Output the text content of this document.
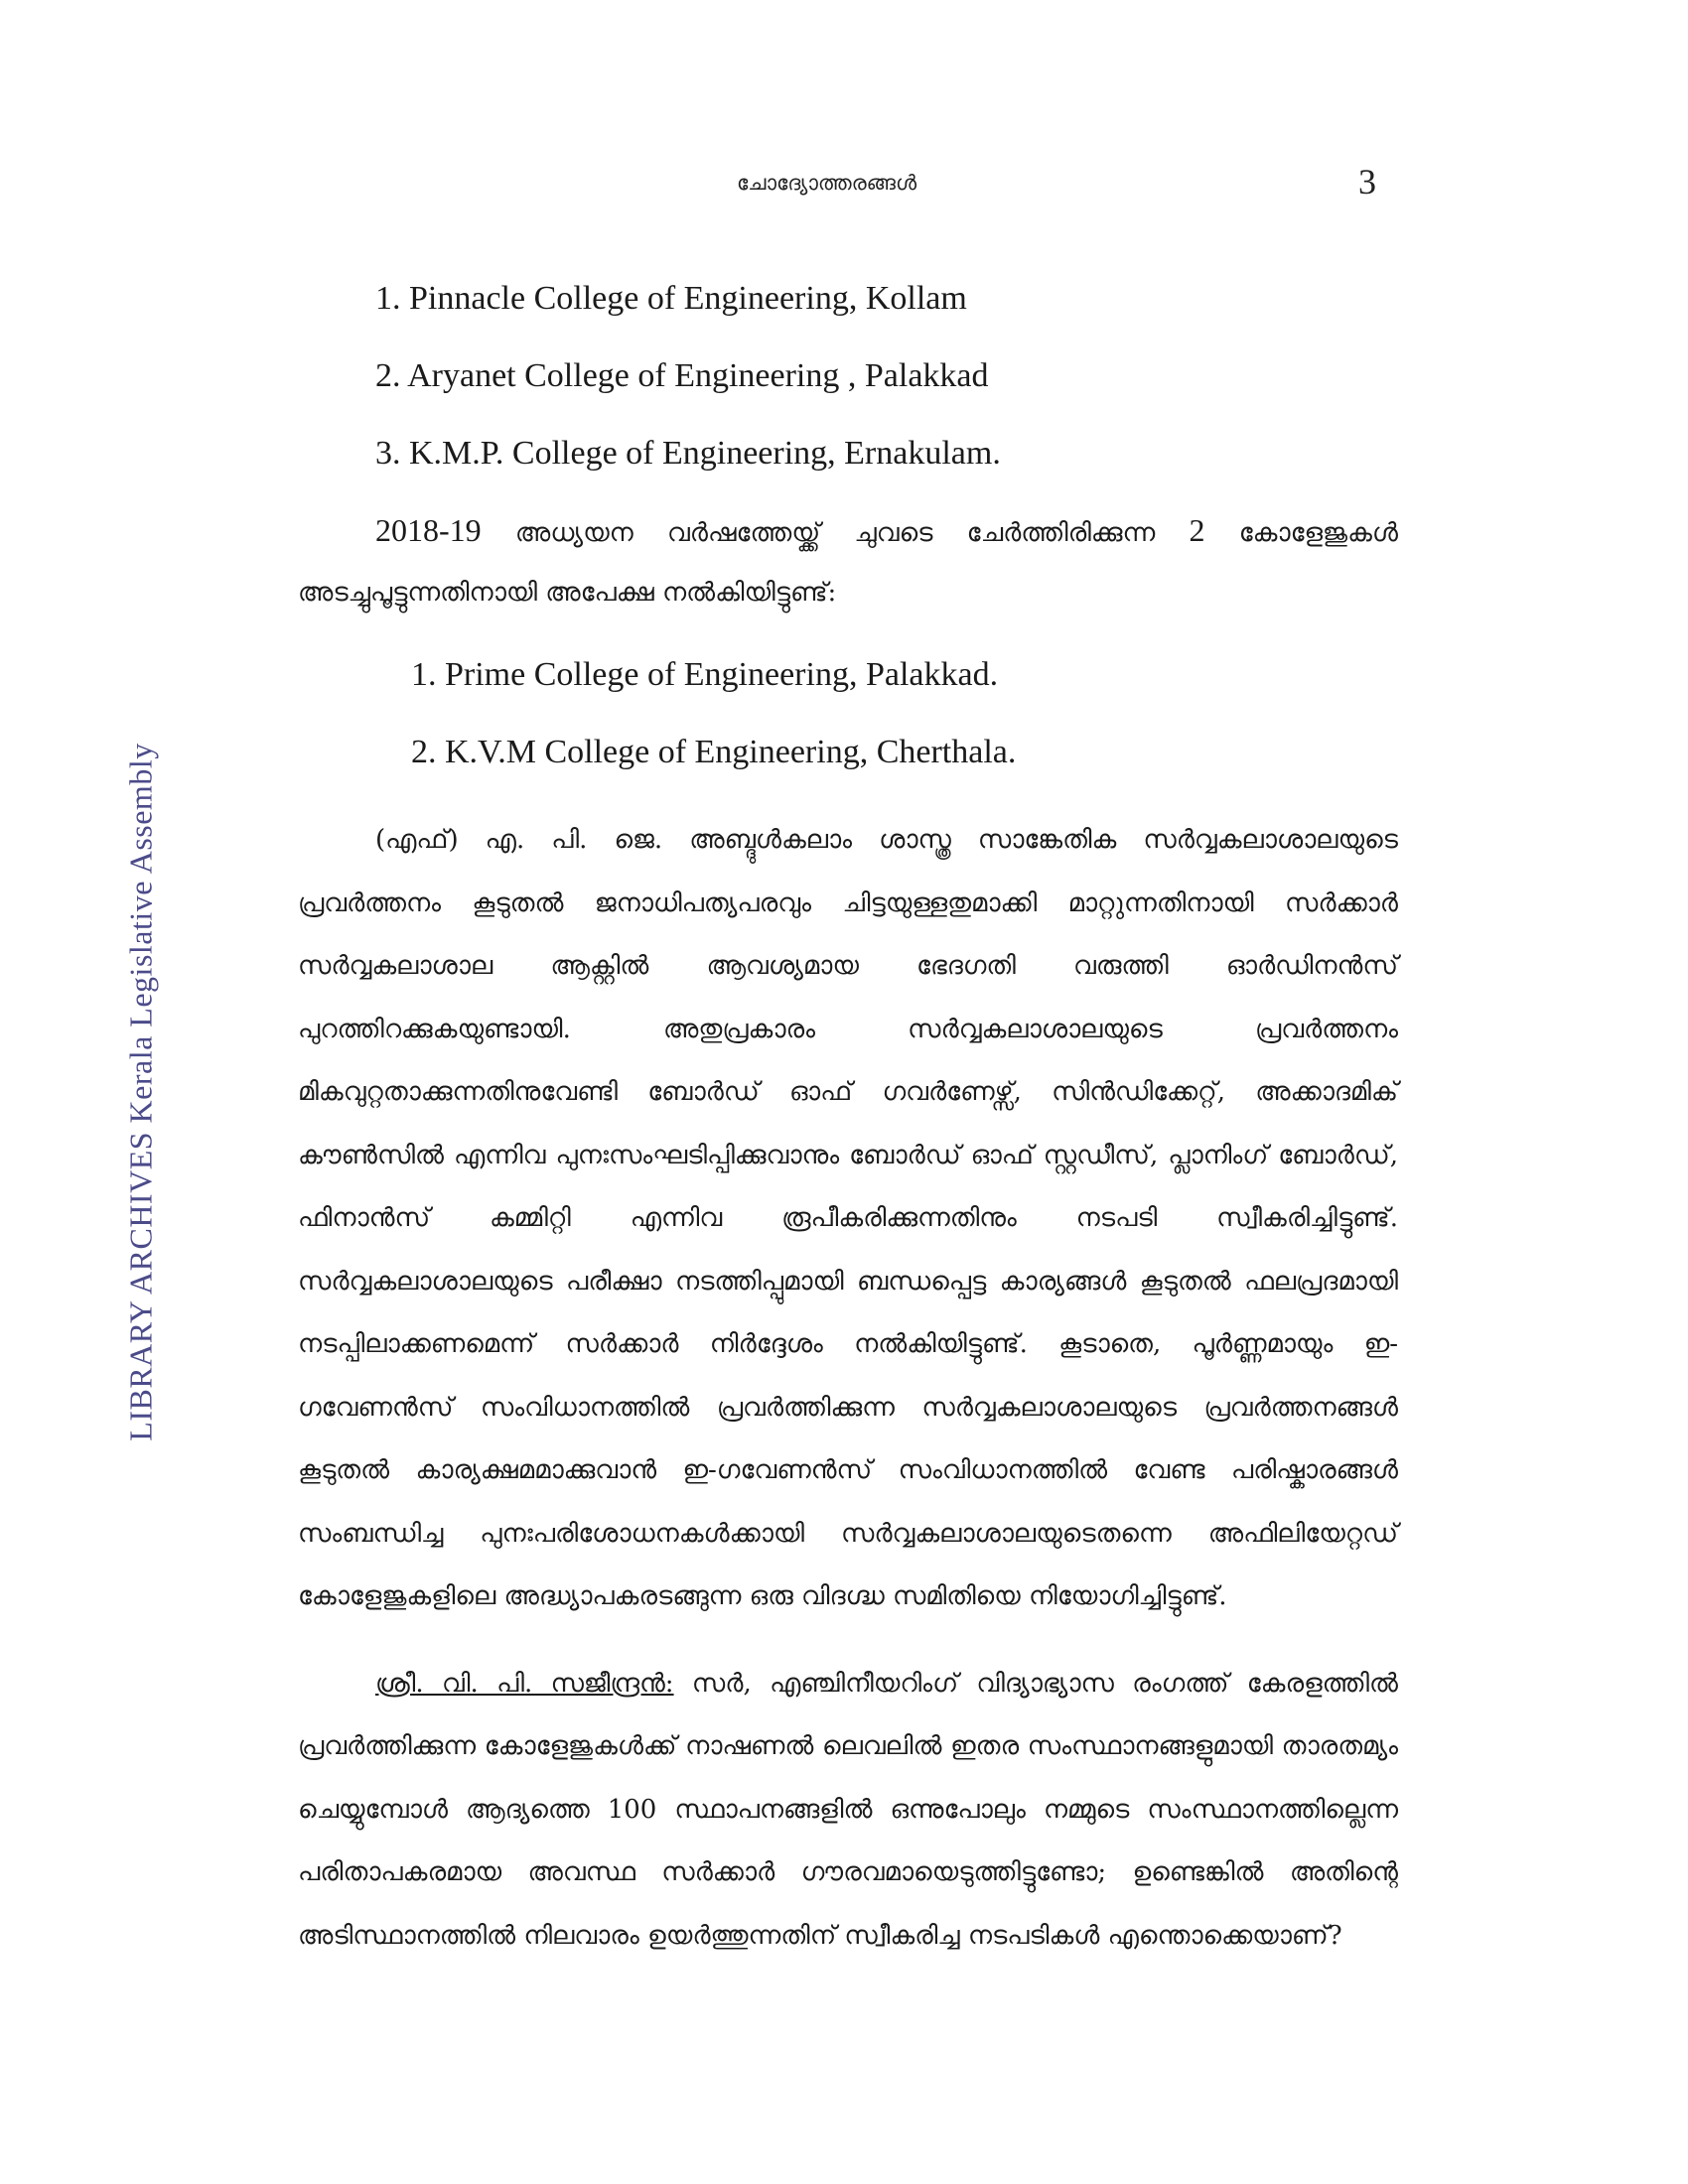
LIBRARY ARCHIVES Kerala Legislative Assembly
ചോദ്യോത്തരങ്ങൾ	3
1. Pinnacle College of Engineering, Kollam
2. Aryanet College of Engineering , Palakkad
3. K.M.P. College of Engineering, Ernakulam.

2018-19 അധ്യയന വർഷത്തേയ്ക്ക് ചുവടെ ചേർത്തിരിക്കുന്ന 2 കോളേജുകൾ അടച്ചുപൂട്ടുന്നതിനായി അപേക്ഷ നൽകിയിട്ടുണ്ട്:

1. Prime College of Engineering, Palakkad.
2. K.V.M College of Engineering, Cherthala.

(എഫ്) എ. പി. ജെ. അബ്ദുൾകലാം ശാസ്ത്ര സാങ്കേതിക സർവ്വകലാശാലയുടെ പ്രവർത്തനം കൂടുതൽ ജനാധിപത്യപരവും ചിട്ടയുള്ളതുമാക്കി മാറ്റുന്നതിനായി സർക്കാർ സർവ്വകലാശാല ആക്റ്റിൽ ആവശ്യമായ ഭേദഗതി വരുത്തി ഓർഡിനൻസ് പുറത്തിറക്കുകയുണ്ടായി. അതുപ്രകാരം സർവ്വകലാശാലയുടെ പ്രവർത്തനം മികവുറ്റതാക്കുന്നതിനുവേണ്ടി ബോർഡ് ഓഫ് ഗവർണേഴ്സ്, സിൻഡിക്കേറ്റ്, അക്കാദമിക് കൗൺസിൽ എന്നിവ പുനഃസംഘടിപ്പിക്കുവാനും ബോർഡ് ഓഫ് സ്റ്റഡീസ്, പ്ലാനിംഗ് ബോർഡ്, ഫിനാൻസ് കമ്മിറ്റി എന്നിവ രൂപീകരിക്കുന്നതിനും നടപടി സ്വീകരിച്ചിട്ടുണ്ട്. സർവ്വകലാശാലയുടെ പരീക്ഷാ നടത്തിപ്പുമായി ബന്ധപ്പെട്ട കാര്യങ്ങൾ കൂടുതൽ ഫലപ്രദമായി നടപ്പിലാക്കണമെന്ന് സർക്കാർ നിർദ്ദേശം നൽകിയിട്ടുണ്ട്. കൂടാതെ, പൂർണ്ണമായും ഇ-ഗവേണൻസ് സംവിധാനത്തിൽ പ്രവർത്തിക്കുന്ന സർവ്വകലാശാലയുടെ പ്രവർത്തനങ്ങൾ കൂടുതൽ കാര്യക്ഷമമാക്കുവാൻ ഇ-ഗവേണൻസ് സംവിധാനത്തിൽ വേണ്ട പരിഷ്കാരങ്ങൾ സംബന്ധിച്ച പുനഃപരിശോധനകൾക്കായി സർവ്വകലാശാലയുടെതന്നെ അഫിലിയേറ്റഡ് കോളേജുകളിലെ അദ്ധ്യാപകരടങ്ങുന്ന ഒരു വിദഗ്ദ്ധ സമിതിയെ നിയോഗിച്ചിട്ടുണ്ട്.

ശ്രീ. വി. പി. സജീന്ദ്രൻ: സർ, എഞ്ചിനീയറിംഗ് വിദ്യാഭ്യാസ രംഗത്ത് കേരളത്തിൽ പ്രവർത്തിക്കുന്ന കോളേജുകൾക്ക് നാഷണൽ ലെവലിൽ ഇതര സംസ്ഥാനങ്ങളുമായി താരതമ്യം ചെയ്യുമ്പോൾ ആദ്യത്തെ 100 സ്ഥാപനങ്ങളിൽ ഒന്നുപോലും നമ്മുടെ സംസ്ഥാനത്തില്ലെന്ന പരിതാപകരമായ അവസ്ഥ സർക്കാർ ഗൗരവമായെടുത്തിട്ടുണ്ടോ; ഉണ്ടെങ്കിൽ അതിന്റെ അടിസ്ഥാനത്തിൽ നിലവാരം ഉയർത്തുന്നതിന് സ്വീകരിച്ച നടപടികൾ എന്തൊക്കെയാണ്?
